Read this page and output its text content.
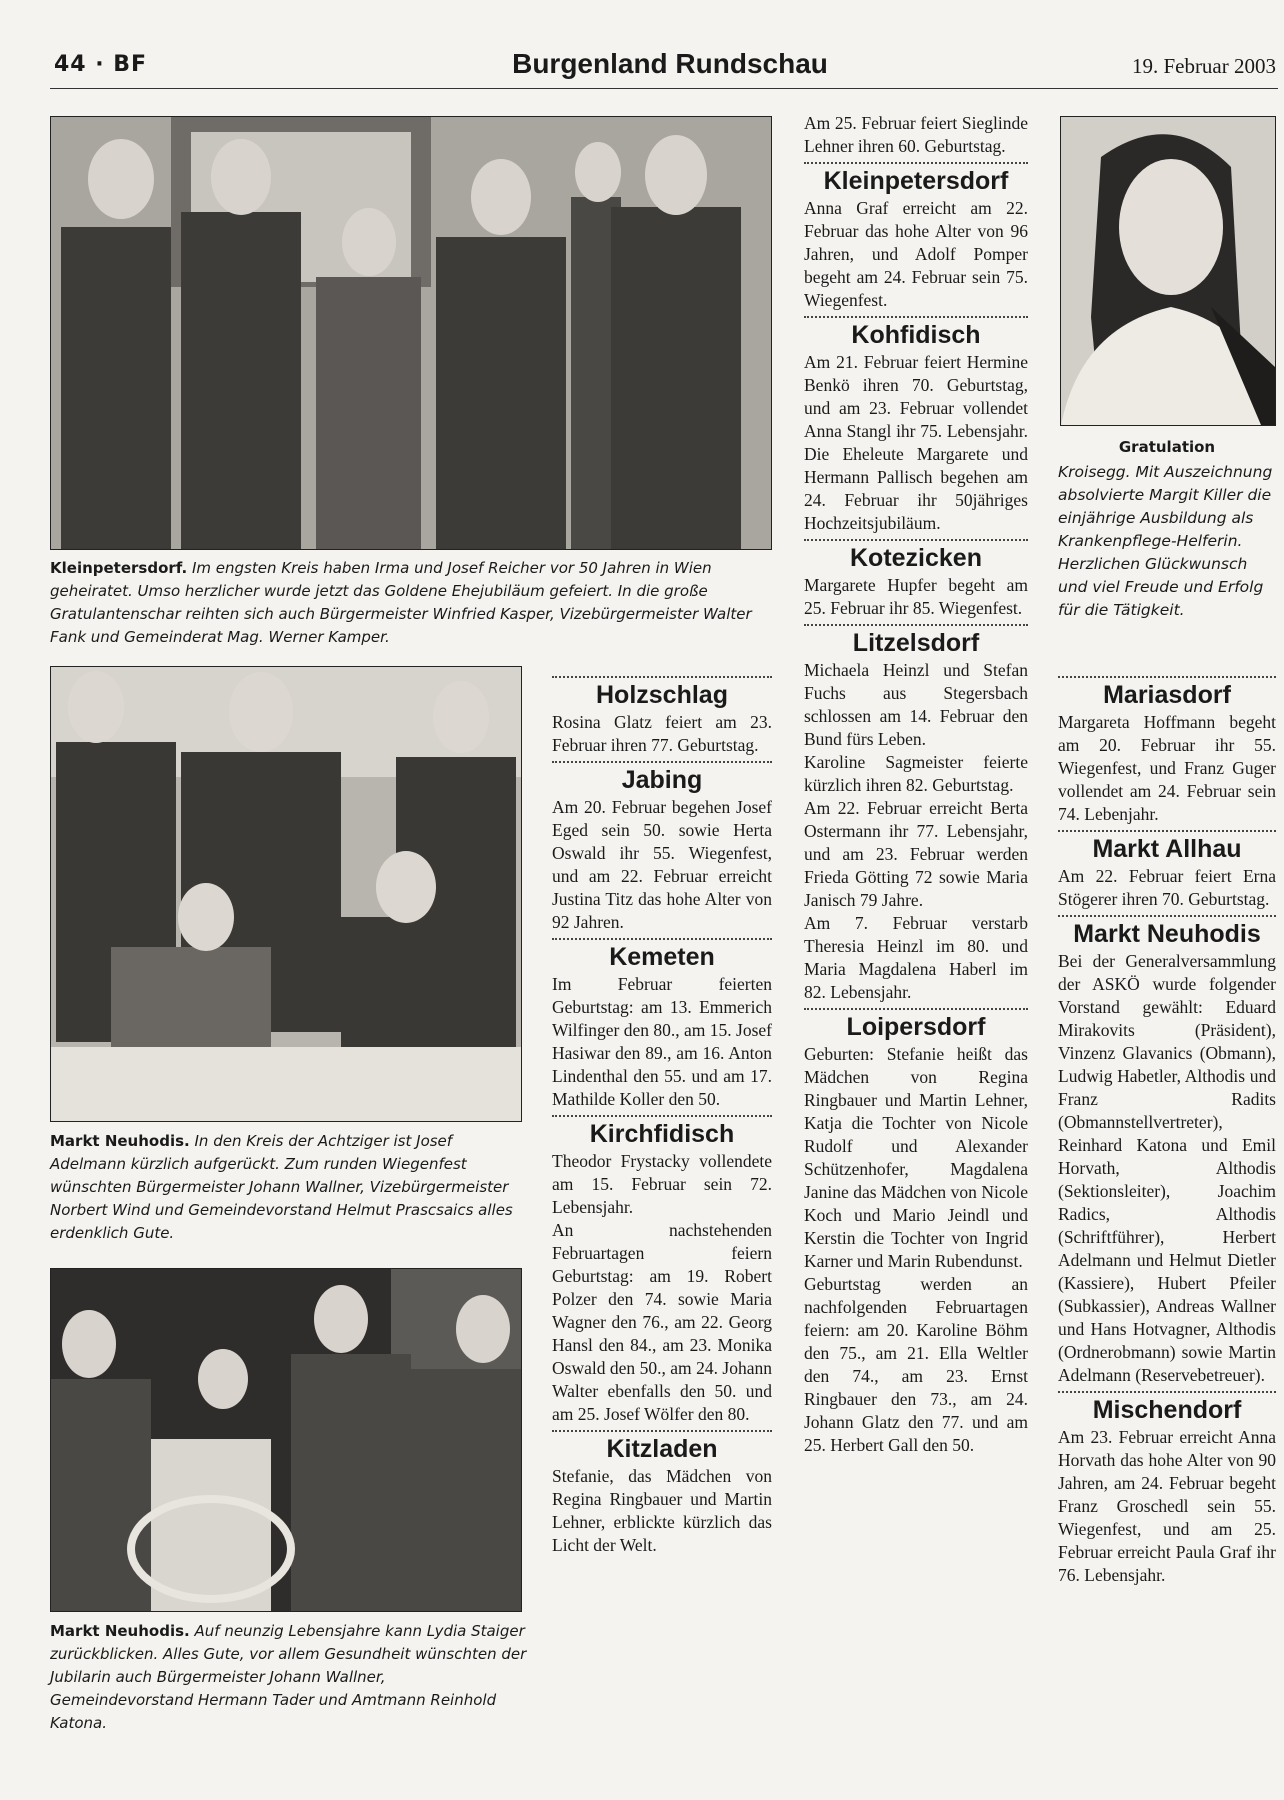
44 · BF	Burgenland Rundschau	19. Februar 2003
Kleinpetersdorf. Im engsten Kreis haben Irma und Josef Reicher vor 50 Jahren in Wien geheiratet. Umso herzlicher wurde jetzt das Goldene Ehejubiläum gefeiert. In die große Gratulantenschar reihten sich auch Bürgermeister Winfried Kasper, Vizebürgermeister Walter Fank und Gemeinderat Mag. Werner Kamper.
Markt Neuhodis. In den Kreis der Achtziger ist Josef Adelmann kürzlich aufgerückt. Zum runden Wiegenfest wünschten Bürgermeister Johann Wallner, Vizebürgermeister Norbert Wind und Gemeindevorstand Helmut Prascsaics alles erdenklich Gute.
Markt Neuhodis. Auf neunzig Lebensjahre kann Lydia Staiger zurückblicken. Alles Gute, vor allem Gesundheit wünschten der Jubilarin auch Bürgermeister Johann Wallner, Gemeindevorstand Hermann Tader und Amtmann Reinhold Katona.
Holzschlag

Rosina Glatz feiert am 23. Februar ihren 77. Geburtstag.

Jabing

Am 20. Februar begehen Josef Eged sein 50. sowie Herta Oswald ihr 55. Wiegenfest, und am 22. Februar erreicht Justina Titz das hohe Alter von 92 Jahren.

Kemeten

Im Februar feierten Geburtstag: am 13. Emmerich Wilfinger den 80., am 15. Josef Hasiwar den 89., am 16. Anton Lindenthal den 55. und am 17. Mathilde Koller den 50.

Kirchfidisch

Theodor Frystacky vollendete am 15. Februar sein 72. Lebensjahr.

An nachstehenden Februartagen feiern Geburtstag: am 19. Robert Polzer den 74. sowie Maria Wagner den 76., am 22. Georg Hansl den 84., am 23. Monika Oswald den 50., am 24. Johann Walter ebenfalls den 50. und am 25. Josef Wölfer den 80.

Kitzladen

Stefanie, das Mädchen von Regina Ringbauer und Martin Lehner, erblickte kürzlich das Licht der Welt.

Am 25. Februar feiert Sieglinde Lehner ihren 60. Geburtstag.

Kleinpetersdorf

Anna Graf erreicht am 22. Februar das hohe Alter von 96 Jahren, und Adolf Pomper begeht am 24. Februar sein 75. Wiegenfest.

Kohfidisch

Am 21. Februar feiert Hermine Benkö ihren 70. Geburtstag, und am 23. Februar vollendet Anna Stangl ihr 75. Lebensjahr. Die Eheleute Margarete und Hermann Pallisch begehen am 24. Februar ihr 50jähriges Hochzeitsjubiläum.

Kotezicken

Margarete Hupfer begeht am 25. Februar ihr 85. Wiegenfest.

Litzelsdorf

Michaela Heinzl und Stefan Fuchs aus Stegersbach schlossen am 14. Februar den Bund fürs Leben.

Karoline Sagmeister feierte kürzlich ihren 82. Geburtstag.

Am 22. Februar erreicht Berta Ostermann ihr 77. Lebensjahr, und am 23. Februar werden Frieda Götting 72 sowie Maria Janisch 79 Jahre.

Am 7. Februar verstarb Theresia Heinzl im 80. und Maria Magdalena Haberl im 82. Lebensjahr.

Loipersdorf

Geburten: Stefanie heißt das Mädchen von Regina Ringbauer und Martin Lehner, Katja die Tochter von Nicole Rudolf und Alexander Schützenhofer, Magdalena Janine das Mädchen von Nicole Koch und Mario Jeindl und Kerstin die Tochter von Ingrid Karner und Marin Rubendunst.

Geburtstag werden an nachfolgenden Februartagen feiern: am 20. Karoline Böhm den 75., am 21. Ella Weltler den 74., am 23. Ernst Ringbauer den 73., am 24. Johann Glatz den 77. und am 25. Herbert Gall den 50.

Gratulation
Kroisegg. Mit Auszeichnung absolvierte Margit Killer die einjährige Ausbildung als Krankenpflege-Helferin. Herzlichen Glückwunsch und viel Freude und Erfolg für die Tätigkeit.
Mariasdorf

Margareta Hoffmann begeht am 20. Februar ihr 55. Wiegenfest, und Franz Guger vollendet am 24. Februar sein 74. Lebenjahr.

Markt Allhau

Am 22. Februar feiert Erna Stögerer ihren 70. Geburtstag.

Markt Neuhodis

Bei der Generalversammlung der ASKÖ wurde folgender Vorstand gewählt: Eduard Mirakovits (Präsident), Vinzenz Glavanics (Obmann), Ludwig Habetler, Althodis und Franz Radits (Obmannstellvertreter), Reinhard Katona und Emil Horvath, Althodis (Sektionsleiter), Joachim Radics, Althodis (Schriftführer), Herbert Adelmann und Helmut Dietler (Kassiere), Hubert Pfeiler (Subkassier), Andreas Wallner und Hans Hotvagner, Althodis (Ordnerobmann) sowie Martin Adelmann (Reservebetreuer).

Mischendorf

Am 23. Februar erreicht Anna Horvath das hohe Alter von 90 Jahren, am 24. Februar begeht Franz Groschedl sein 55. Wiegenfest, und am 25. Februar erreicht Paula Graf ihr 76. Lebensjahr.
